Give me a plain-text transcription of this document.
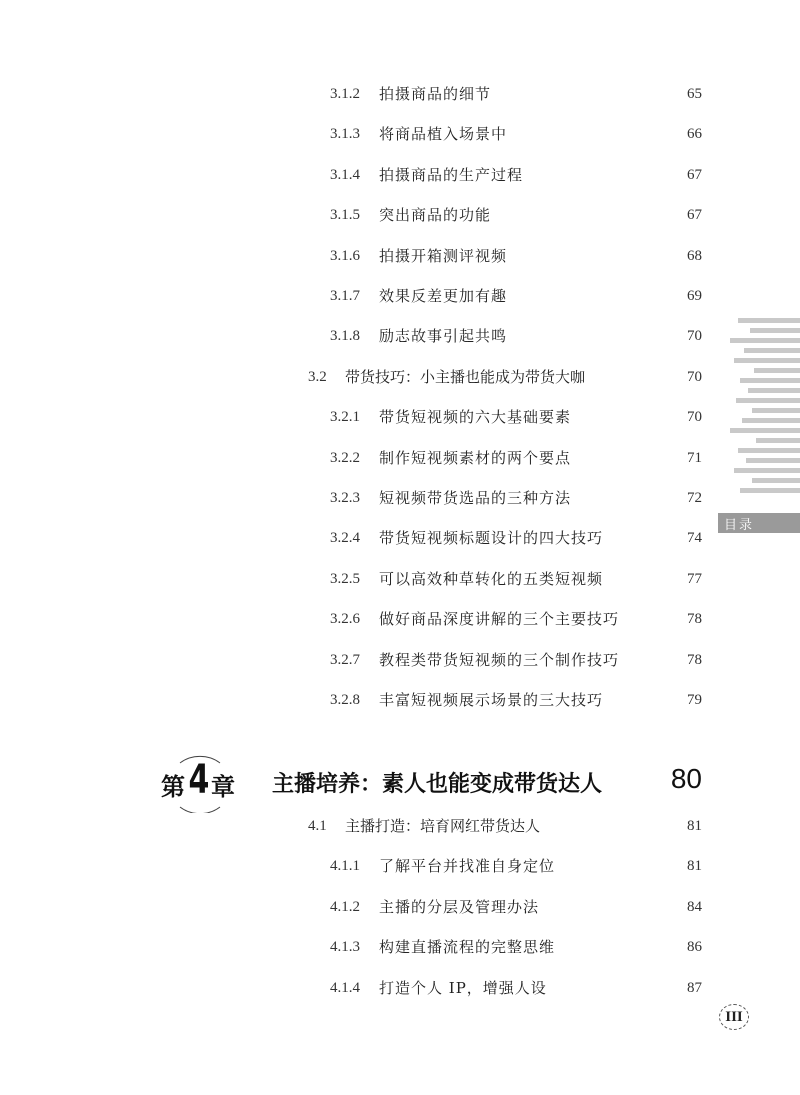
3.1.2 拍摄商品的细节	65
3.1.3 将商品植入场景中	66
3.1.4 拍摄商品的生产过程	67
3.1.5 突出商品的功能	67
3.1.6 拍摄开箱测评视频	68
3.1.7 效果反差更加有趣	69
3.1.8 励志故事引起共鸣	70
3.2 带货技巧：小主播也能成为带货大咖	70
3.2.1 带货短视频的六大基础要素	70
3.2.2 制作短视频素材的两个要点	71
3.2.3 短视频带货选品的三种方法	72
3.2.4 带货短视频标题设计的四大技巧	74
3.2.5 可以高效种草转化的五类短视频	77
3.2.6 做好商品深度讲解的三个主要技巧	78
3.2.7 教程类带货短视频的三个制作技巧	78
3.2.8 丰富短视频展示场景的三大技巧	79
第 4 章 主播培养：素人也能变成带货达人 80
4.1 主播打造：培育网红带货达人	81
4.1.1 了解平台并找准自身定位	81
4.1.2 主播的分层及管理办法	84
4.1.3 构建直播流程的完整思维	86
4.1.4 打造个人 IP，增强人设	87
目录
III
